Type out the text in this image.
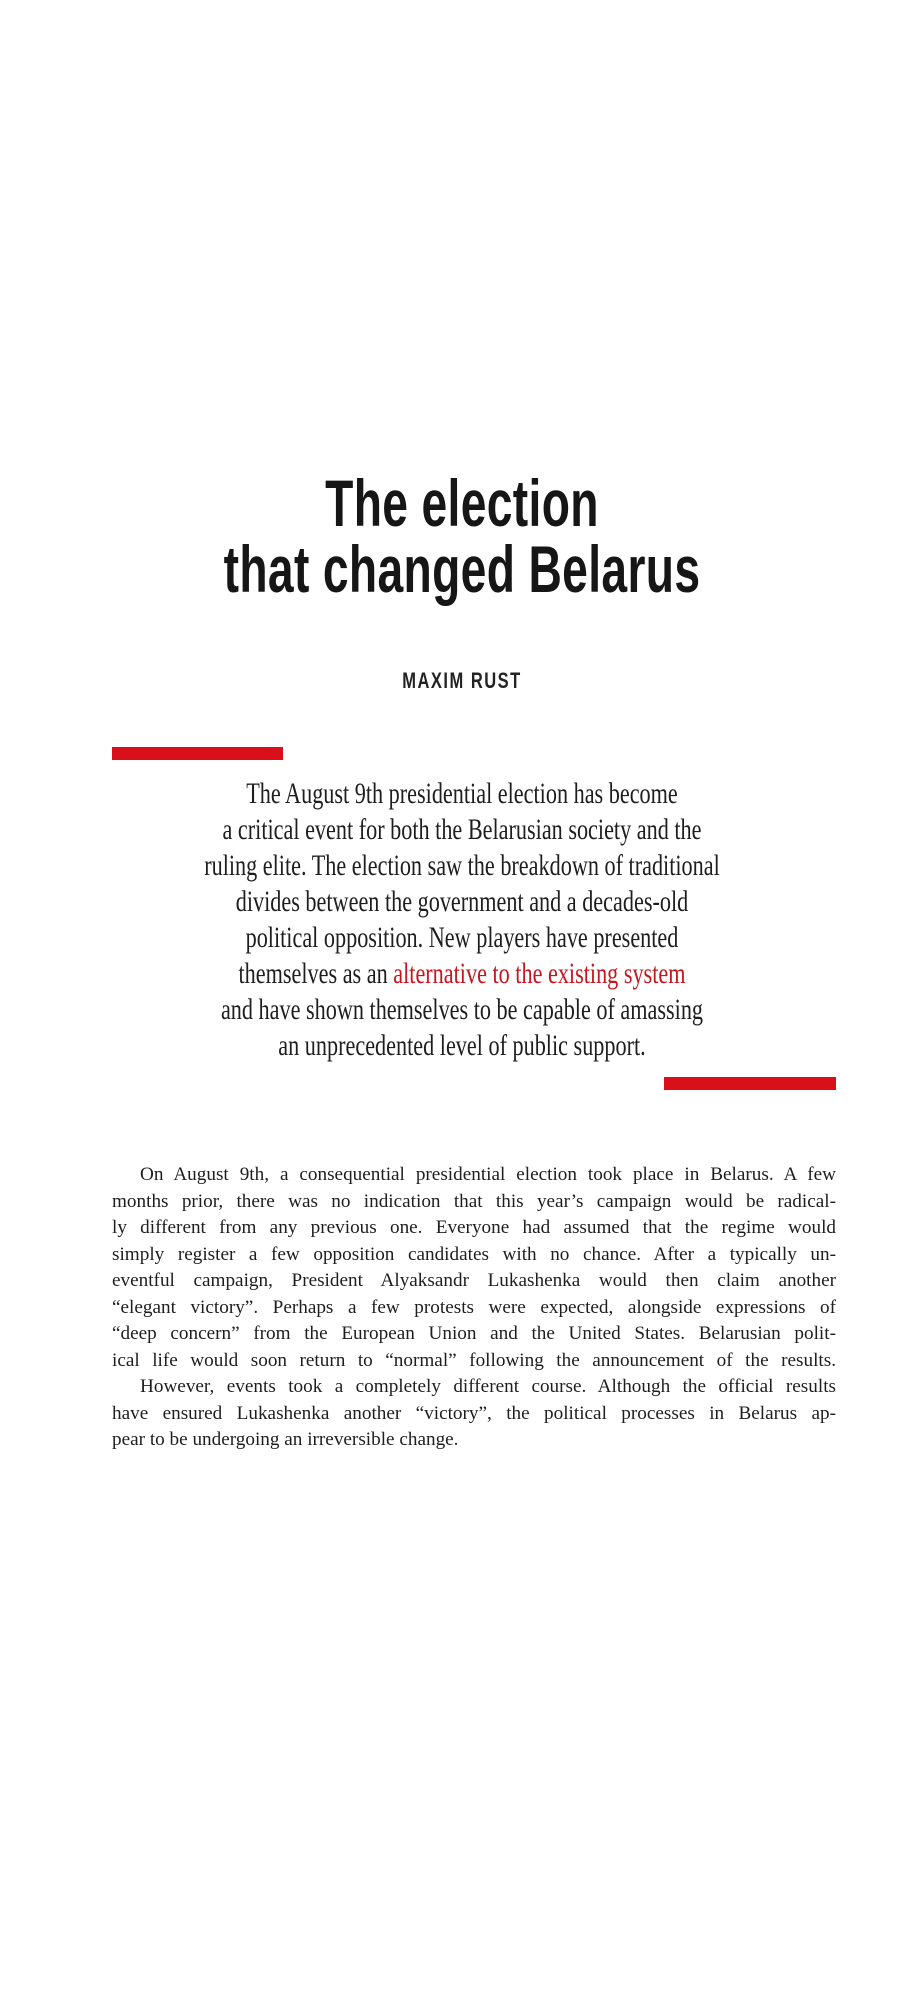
The election
that changed Belarus
MAXIM RUST
The August 9th presidential election has become
a critical event for both the Belarusian society and the
ruling elite. The election saw the breakdown of traditional
divides between the government and a decades-old
political opposition. New players have presented
themselves as an alternative to the existing system
and have shown themselves to be capable of amassing
an unprecedented level of public support.
On August 9th, a consequential presidential election took place in Belarus. A few
months prior, there was no indication that this year’s campaign would be radical-
ly different from any previous one. Everyone had assumed that the regime would
simply register a few opposition candidates with no chance. After a typically un-
eventful campaign, President Alyaksandr Lukashenka would then claim another
“elegant victory”. Perhaps a few protests were expected, alongside expressions of
“deep concern” from the European Union and the United States. Belarusian polit-
ical life would soon return to “normal” following the announcement of the results.
However, events took a completely different course. Although the official results
have ensured Lukashenka another “victory”, the political processes in Belarus ap-
pear to be undergoing an irreversible change.
